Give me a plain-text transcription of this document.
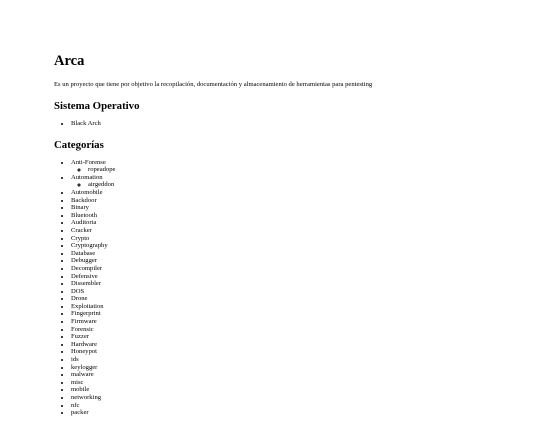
Arca

Es un proyecto que tiene por objetivo la recopilación, documentación y almacenamiento de herramientas para pentesting

Sistema Operativo
• Black Arch
Categorías
• Anti-Forense
◦ ropeadope
• Automation
◦ airgeddon
• Automobile
• Backdoor
• Binary
• Bluetooth
• Auditoria
• Cracker
• Crypto
• Cryptography
• Database
• Debugger
• Decompiler
• Defensive
• Dissembler
• DOS
• Drone
• Exploitation
• Fingerprint
• Firmware
• Forensic
• Fuzzer
• Hardware
• Honeypot
• ids
• keylogger
• malware
• misc
• mobile
• networking
• nfc
• packer
